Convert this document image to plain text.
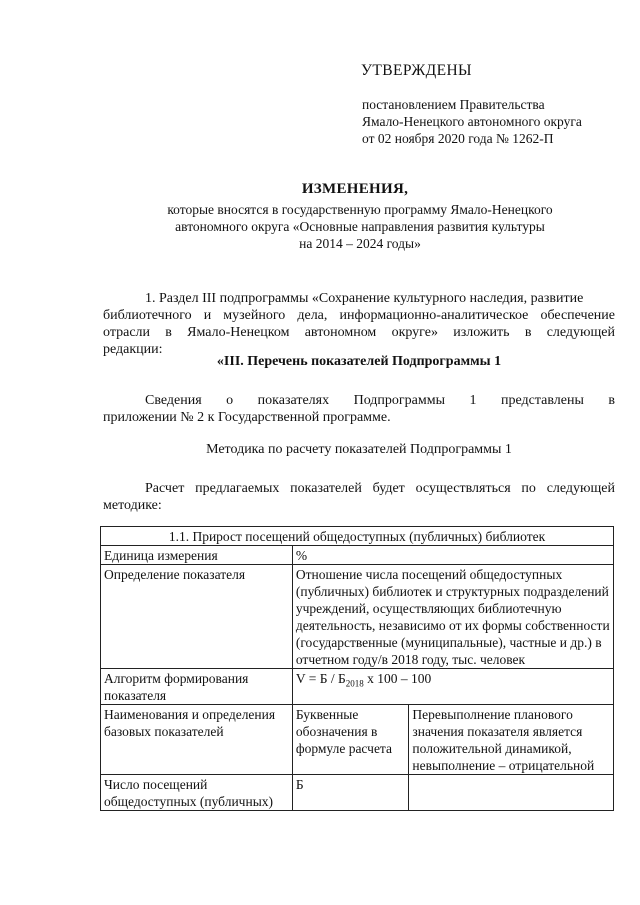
УТВЕРЖДЕНЫ
постановлением Правительства
Ямало-Ненецкого автономного округа
от 02 ноября 2020 года № 1262-П
ИЗМЕНЕНИЯ,
которые вносятся в государственную программу Ямало-Ненецкого
автономного округа «Основные направления развития культуры
на 2014 – 2024 годы»
1. Раздел III подпрограммы «Сохранение культурного наследия, развитие
библиотечного и музейного дела, информационно-аналитическое обеспечение
отрасли в Ямало-Ненецком автономном округе» изложить в следующей
редакции:
«III. Перечень показателей Подпрограммы 1
Сведения о показателях Подпрограммы 1 представлены в
приложении № 2 к Государственной программе.
Методика по расчету показателей Подпрограммы 1
Расчет предлагаемых показателей будет осуществляться по следующей
методике:
1.1. Прирост посещений общедоступных (публичных) библиотек		
Единица измерения	%	
Определение показателя	Отношение числа посещений общедоступных (публичных) библиотек и структурных подразделений учреждений, осуществляющих библиотечную деятельность, независимо от их формы собственности (государственные (муниципальные), частные и др.) в отчетном году/в 2018 году, тыс. человек	
Алгоритм формирования показателя	$V = Б / Б_{2018}$ х 100 – 100	
Наименования и определения базовых показателей	Буквенные обозначения в формуле расчета	Перевыполнение планового значения показателя является положительной динамикой, невыполнение – отрицательной
Число посещений общедоступных (публичных)	Б	
